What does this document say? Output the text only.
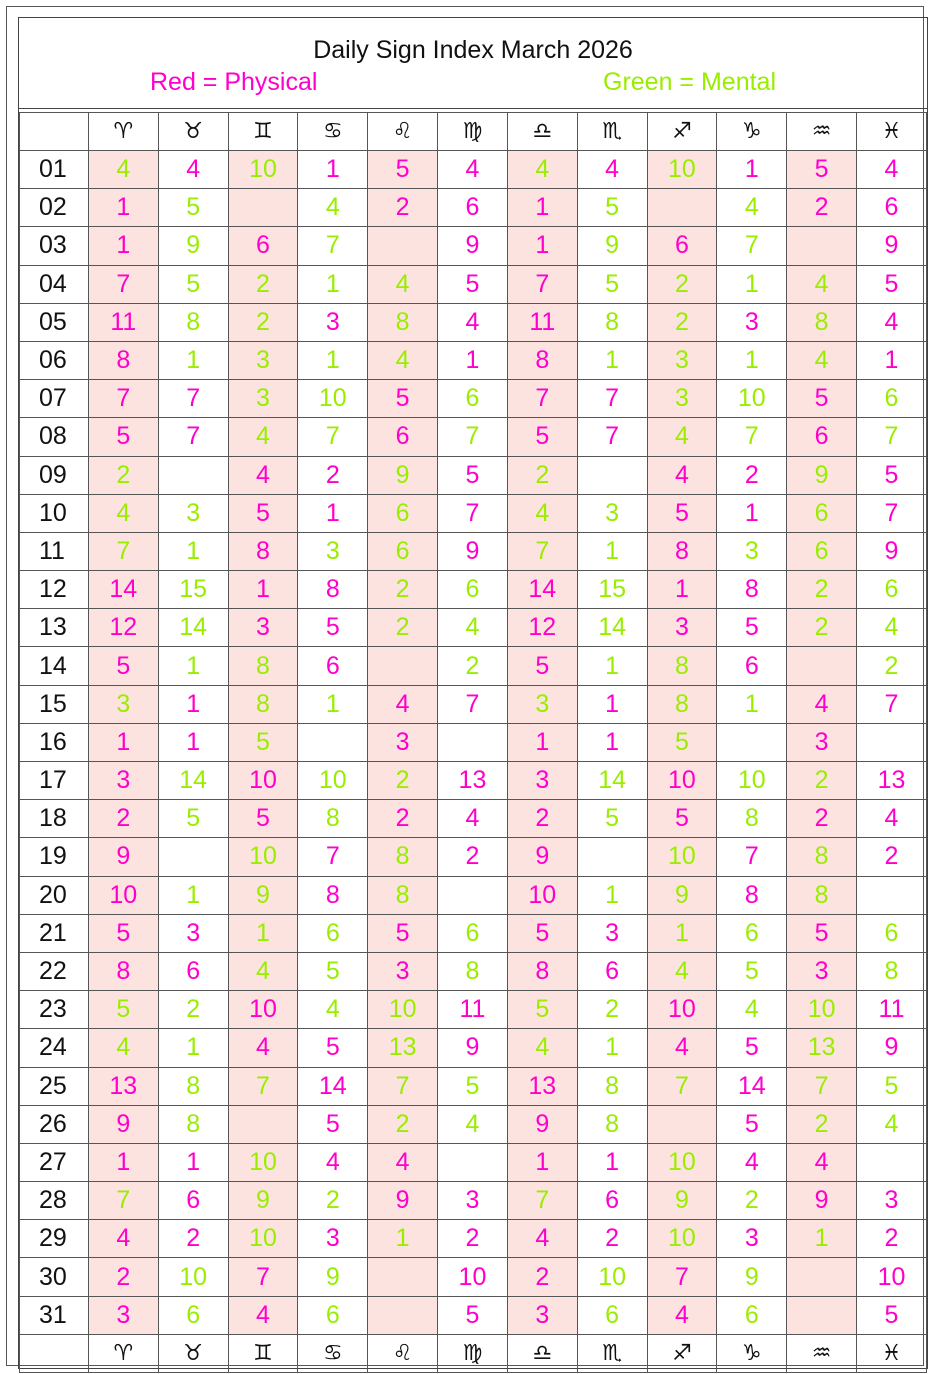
Daily Sign Index March 2026
Red = Physical	Green = Mental
	♈	♉	♊	♋	♌	♍	♎	♏	♐	♑	♒	♓
01	4	4	10	1	5	4	4	4	10	1	5	4
02	1	5		4	2	6	1	5		4	2	6
03	1	9	6	7		9	1	9	6	7		9
04	7	5	2	1	4	5	7	5	2	1	4	5
05	11	8	2	3	8	4	11	8	2	3	8	4
06	8	1	3	1	4	1	8	1	3	1	4	1
07	7	7	3	10	5	6	7	7	3	10	5	6
08	5	7	4	7	6	7	5	7	4	7	6	7
09	2		4	2	9	5	2		4	2	9	5
10	4	3	5	1	6	7	4	3	5	1	6	7
11	7	1	8	3	6	9	7	1	8	3	6	9
12	14	15	1	8	2	6	14	15	1	8	2	6
13	12	14	3	5	2	4	12	14	3	5	2	4
14	5	1	8	6		2	5	1	8	6		2
15	3	1	8	1	4	7	3	1	8	1	4	7
16	1	1	5		3		1	1	5		3	
17	3	14	10	10	2	13	3	14	10	10	2	13
18	2	5	5	8	2	4	2	5	5	8	2	4
19	9		10	7	8	2	9		10	7	8	2
20	10	1	9	8	8		10	1	9	8	8	
21	5	3	1	6	5	6	5	3	1	6	5	6
22	8	6	4	5	3	8	8	6	4	5	3	8
23	5	2	10	4	10	11	5	2	10	4	10	11
24	4	1	4	5	13	9	4	1	4	5	13	9
25	13	8	7	14	7	5	13	8	7	14	7	5
26	9	8		5	2	4	9	8		5	2	4
27	1	1	10	4	4		1	1	10	4	4	
28	7	6	9	2	9	3	7	6	9	2	9	3
29	4	2	10	3	1	2	4	2	10	3	1	2
30	2	10	7	9		10	2	10	7	9		10
31	3	6	4	6		5	3	6	4	6		5
	♈	♉	♊	♋	♌	♍	♎	♏	♐	♑	♒	♓
